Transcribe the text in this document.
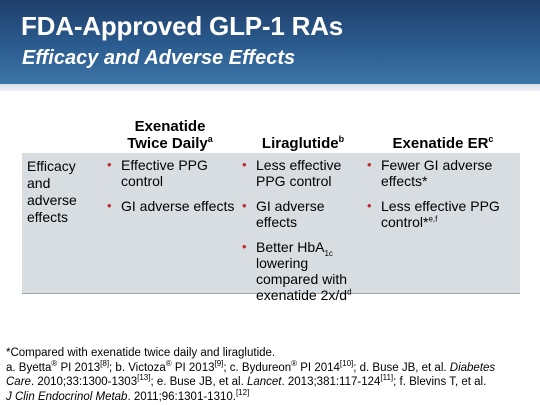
FDA-Approved GLP-1 RAs
Efficacy and Adverse Effects
Exenatide
Twice Daily$^a$	Liraglutide$^b$	Exenatide $ER^c$
Efficacy
and
adverse
effects
• Effective PPG control
• GI adverse effects
• Less effective PPG control
• GI adverse effects
• Better HbA$_{1c}$ lowering compared with exenatide $2x/d^d$
• Fewer GI adverse effects*
• Less effective PPG control*$^{e,f}$
*Compared with exenatide twice daily and liraglutide.
a. Byetta® PI 2013[8]; b. Victoza® PI 2013[9]; c. Bydureon® PI 2014[10]; d. Buse JB, et al. Diabetes
Care. 2010;33:1300-1303[13]; e. Buse JB, et al. Lancet. 2013;381:117-124[11]; f. Blevins T, et al.
J Clin Endocrinol Metab. 2011;96:1301-1310.[12]
